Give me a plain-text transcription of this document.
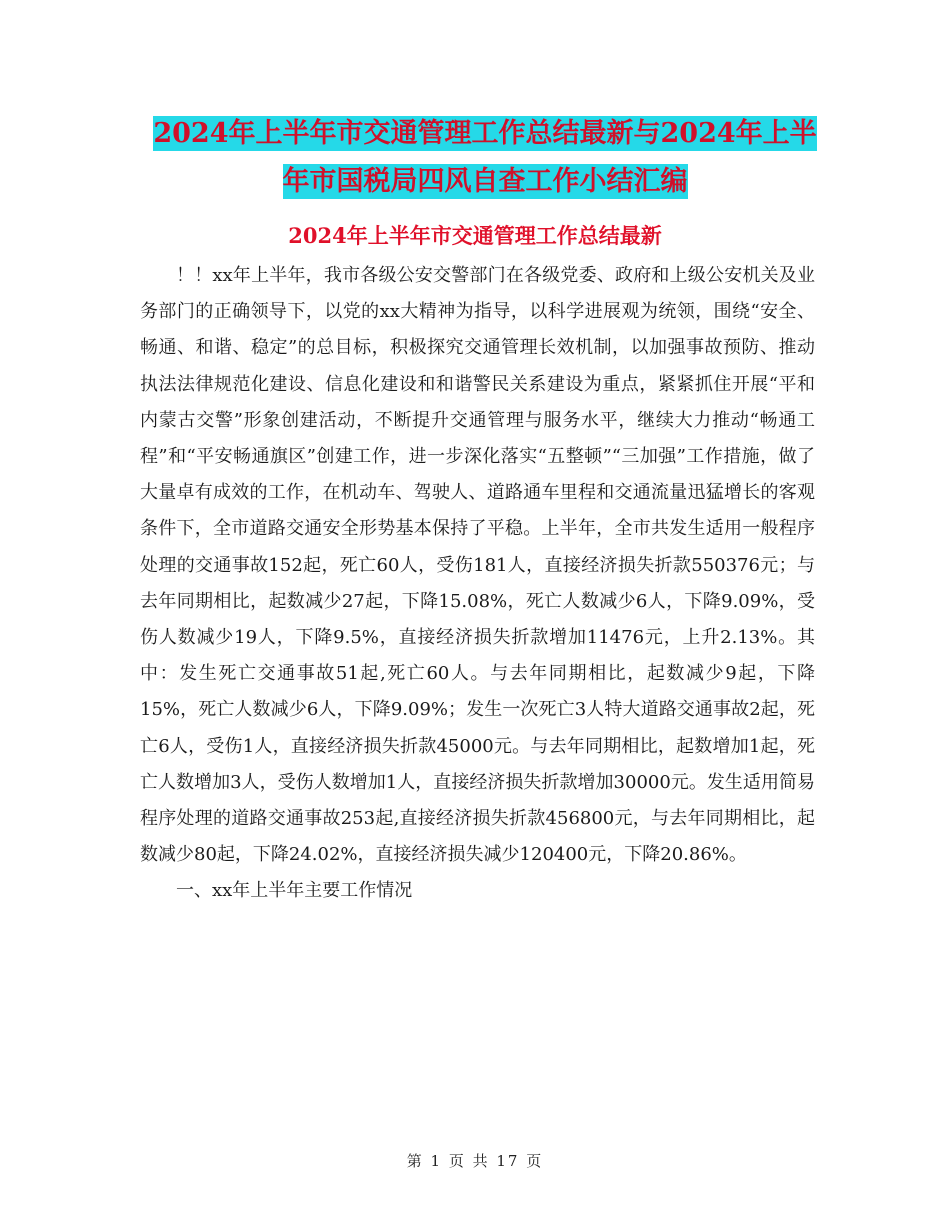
2024年上半年市交通管理工作总结最新与2024年上半
年市国税局四风自查工作小结汇编
2024年上半年市交通管理工作总结最新

！！xx年上半年，我市各级公安交警部门在各级党委、政府和上级公安机关及业务部门的正确领导下，以党的xx大精神为指导，以科学进展观为统领，围绕“安全、畅通、和谐、稳定”的总目标，积极探究交通管理长效机制，以加强事故预防、推动执法法律规范化建设、信息化建设和和谐警民关系建设为重点，紧紧抓住开展“平和内蒙古交警”形象创建活动，不断提升交通管理与服务水平，继续大力推动“畅通工程”和“平安畅通旗区”创建工作，进一步深化落实“五整顿”“三加强”工作措施，做了大量卓有成效的工作，在机动车、驾驶人、道路通车里程和交通流量迅猛增长的客观条件下，全市道路交通安全形势基本保持了平稳。上半年，全市共发生适用一般程序处理的交通事故152起，死亡60人，受伤181人，直接经济损失折款550376元；与去年同期相比，起数减少27起，下降15.08%，死亡人数减少6人，下降9.09%，受伤人数减少19人，下降9.5%，直接经济损失折款增加11476元，上升2.13%。其中：发生死亡交通事故51起,死亡60人。与去年同期相比，起数减少9起，下降15%，死亡人数减少6人，下降9.09%；发生一次死亡3人特大道路交通事故2起，死亡6人，受伤1人，直接经济损失折款45000元。与去年同期相比，起数增加1起，死亡人数增加3人，受伤人数增加1人，直接经济损失折款增加30000元。发生适用简易程序处理的道路交通事故253起,直接经济损失折款456800元，与去年同期相比，起数减少80起，下降24.02%，直接经济损失减少120400元，下降20.86%。

一、xx年上半年主要工作情况

第 1 页 共 17 页
